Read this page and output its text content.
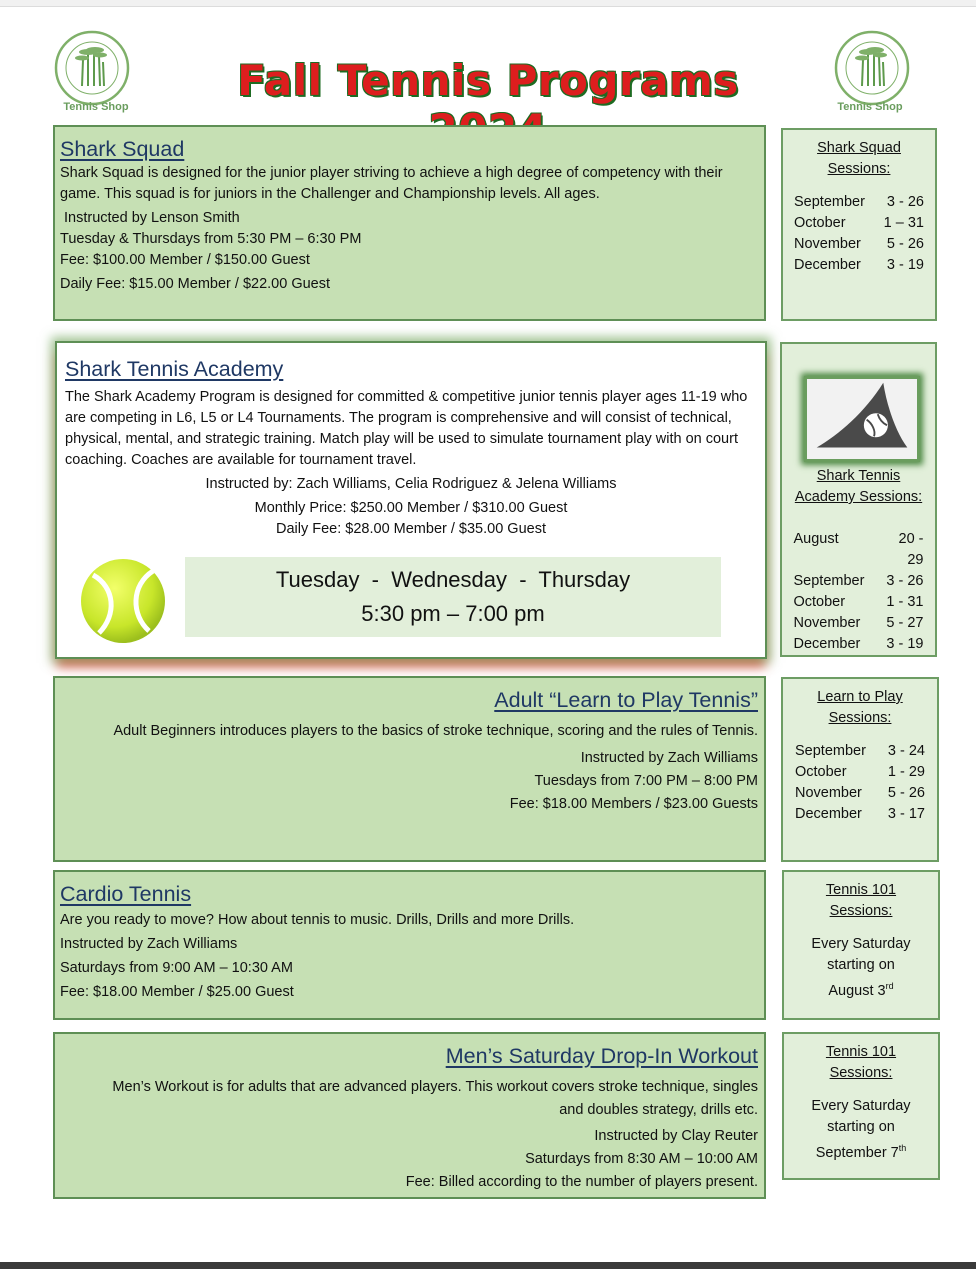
Tennis Shop	Tennis Shop
Fall Tennis Programs
Shark Squad
Shark Squad is designed for the junior player striving to achieve a high degree of competency with their game. This squad is for juniors in the Challenger and Championship levels. All ages.
Instructed by Lenson Smith
Tuesday & Thursdays from 5:30 PM – 6:30 PM
Fee: $100.00 Member / $150.00 Guest
Daily Fee: $15.00 Member / $22.00 Guest
Shark Squad Sessions:
September	3 - 26
October	1 – 31
November	5 - 26
December	3 - 19
Shark Tennis Academy
The Shark Academy Program is designed for committed & competitive junior tennis player ages 11-19 who are competing in L6, L5 or L4 Tournaments. The program is comprehensive and will consist of technical, physical, mental, and strategic training. Match play will be used to simulate tournament play with on court coaching. Coaches are available for tournament travel.
Instructed by: Zach Williams, Celia Rodriguez & Jelena Williams
Monthly Price: $250.00 Member / $310.00 Guest
Daily Fee: $28.00 Member / $35.00 Guest
Tuesday  -  Wednesday  -  Thursday
5:30 pm – 7:00 pm
Shark Tennis Academy Sessions:
August	20 - 29
September	3 - 26
October	1 - 31
November	5 - 27
December	3 - 19
Adult “Learn to Play Tennis”
Adult Beginners introduces players to the basics of stroke technique, scoring and the rules of Tennis.
Instructed by Zach Williams
Tuesdays from 7:00 PM – 8:00 PM
Fee: $18.00 Members / $23.00 Guests
Learn to Play Sessions:
September	3 - 24
October	1 - 29
November	5 - 26
December	3 - 17
Cardio Tennis
Are you ready to move? How about tennis to music. Drills, Drills and more Drills.
Instructed by Zach Williams
Saturdays from 9:00 AM – 10:30 AM
Fee: $18.00 Member / $25.00 Guest
Tennis 101 Sessions:
Every Saturday
starting on
August 3rd
Men’s Saturday Drop-In Workout
Men’s Workout is for adults that are advanced players. This workout covers stroke technique, singles and doubles strategy, drills etc.
Instructed by Clay Reuter
Saturdays from 8:30 AM – 10:00 AM
Fee: Billed according to the number of players present.
Tennis 101 Sessions:
Every Saturday
starting on
September 7th
